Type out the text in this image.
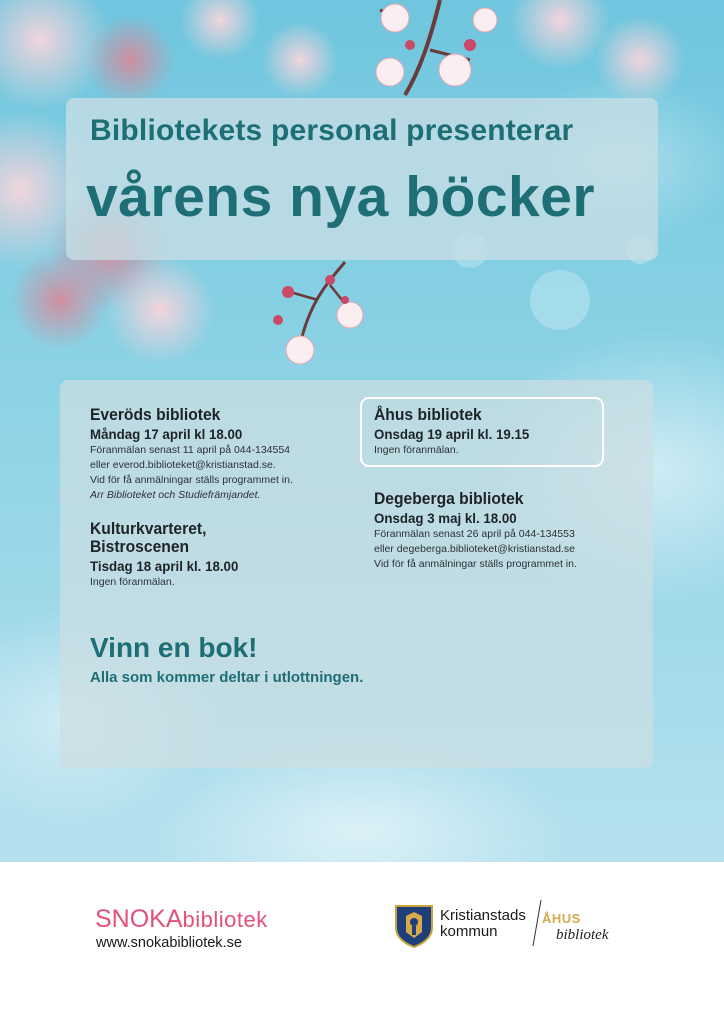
Bibliotekets personal presenterar
vårens nya böcker
Everöds bibliotek
Måndag 17 april kl 18.00
Föranmälan senast 11 april på 044-134554
eller everod.biblioteket@kristianstad.se.
Vid för få anmälningar ställs programmet in.
Arr Biblioteket och Studiefrämjandet.
Kulturkvarteret,
Bistroscenen
Tisdag 18 april kl. 18.00
Ingen föranmälan.
Åhus bibliotek
Onsdag 19 april kl. 19.15
Ingen föranmälan.
Degeberga bibliotek
Onsdag 3 maj kl. 18.00
Föranmälan senast 26 april på 044-134553
eller degeberga.biblioteket@kristianstad.se
Vid för få anmälningar ställs programmet in.
Vinn en bok!
Alla som kommer deltar i utlottningen.
SNOKAbibliotek
www.snokabibliotek.se
Kristianstads
kommun
ÅHUS
bibliotek
